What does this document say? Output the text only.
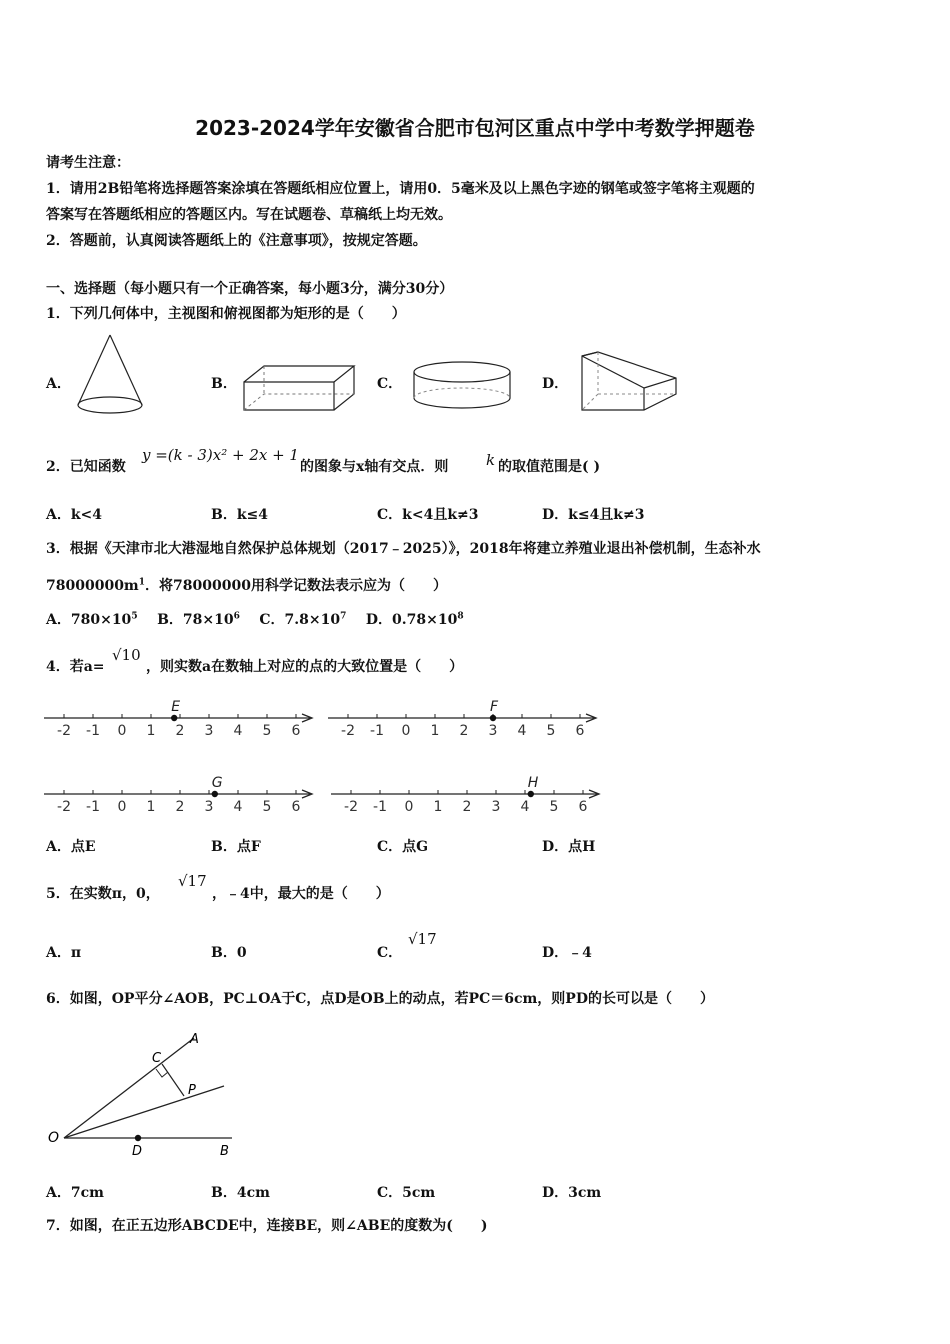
2023-2024学年安徽省合肥市包河区重点中学中考数学押题卷
请考生注意：
1．请用2B铅笔将选择题答案涂填在答题纸相应位置上，请用0．5毫米及以上黑色字迹的钢笔或签字笔将主观题的
答案写在答题纸相应的答题区内。写在试题卷、草稿纸上均无效。
2．答题前，认真阅读答题纸上的《注意事项》，按规定答题。
一、选择题（每小题只有一个正确答案，每小题3分，满分30分）
1．下列几何体中，主视图和俯视图都为矩形的是（　　）
A．	B．	C．	D．
2．已知函数
y =(k - 3)x² + 2x + 1
的图象与x轴有交点．则	k 的取值范围是( )
A．k<4	B．k≤4	C．k<4且k≠3	D．k≤4且k≠3
3．根据《天津市北大港湿地自然保护总体规划（2017﹣2025）》，2018年将建立养殖业退出补偿机制，生态补水
$78000000m^1$．将78000000用科学记数法表示应为（　　）
A．$780\times 10^5$ B．$78\times 10^6$ C．$7.8\times 10^7$ D．$0.78\times 10^8$
4．若a=
√10
，则实数a在数轴上对应的点的大致位置是（　　）
-2 -1 0 1 2 3 4 5 6
E
-2 -1 0 1 2 3 4 5 6
F
-2 -1 0 1 2 3 4 5 6
G
-2 -1 0 1 2 3 4 5 6
H
A．点E	B．点F	C．点G	D．点H
5．在实数π，0，
√17
，﹣4中，最大的是（　　）
A．π	B．0	C．
√17
D．﹣4
6．如图，OP平分∠AOB，PC⊥OA于C，点D是OB上的动点，若PC＝6cm，则PD的长可以是（　　）
O
A
B
C
P
D
A．7cm	B．4cm	C．5cm	D．3cm
7．如图，在正五边形ABCDE中，连接BE，则∠ABE的度数为(　　)
